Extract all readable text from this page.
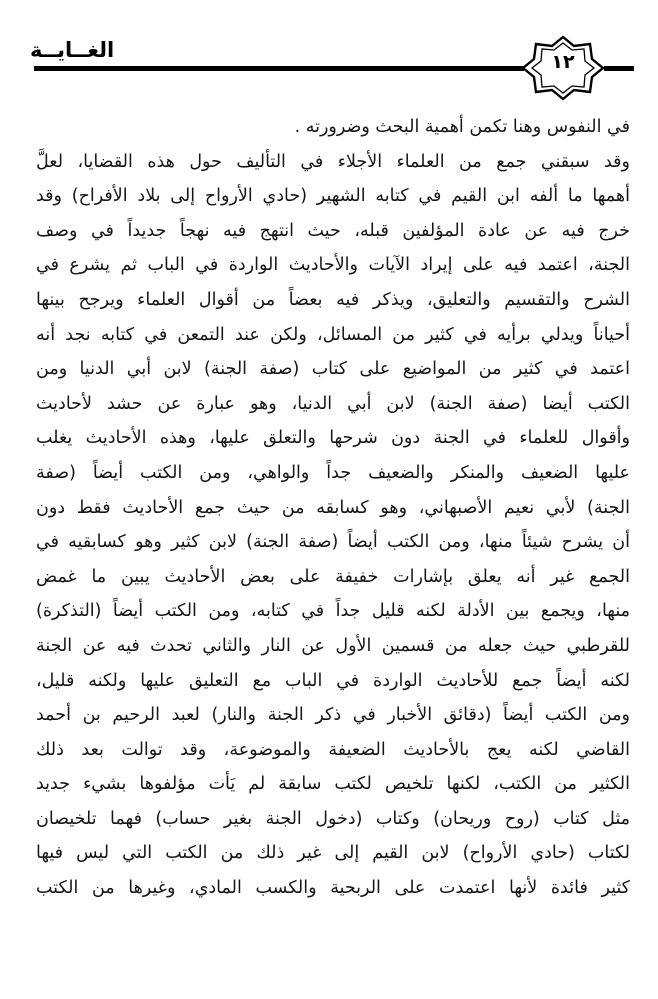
الغــايــة	١٢
في النفوس وهنا تكمن أهمية البحث وضرورته .
وقد سبقني جمع من العلماء الأجلاء في التأليف حول هذه القضايا، لعلَّ
أهمها ما ألفه ابن القيم في كتابه الشهير (حادي الأرواح إلى بلاد الأفراح) وقد
خرج فيه عن عادة المؤلفين قبله، حيث انتهج فيه نهجاً جديداً في وصف
الجنة، اعتمد فيه على إيراد الآيات والأحاديث الواردة في الباب ثم يشرع في
الشرح والتقسيم والتعليق، ويذكر فيه بعضاً من أقوال العلماء ويرجح بينها
أحياناً ويدلي برأيه في كثير من المسائل، ولكن عند التمعن في كتابه نجد أنه
اعتمد في كثير من المواضيع على كتاب (صفة الجنة) لابن أبي الدنيا ومن
الكتب أيضا (صفة الجنة) لابن أبي الدنيا، وهو عبارة عن حشد لأحاديث
وأقوال للعلماء في الجنة دون شرحها والتعلق عليها، وهذه الأحاديث يغلب
عليها الضعيف والمنكر والضعيف جداً والواهي، ومن الكتب أيضاً (صفة
الجنة) لأبي نعيم الأصبهاني، وهو كسابقه من حيث جمع الأحاديث فقط دون
أن يشرح شيئاً منها، ومن الكتب أيضاً (صفة الجنة) لابن كثير وهو كسابقيه في
الجمع غير أنه يعلق بإشارات خفيفة على بعض الأحاديث يبين ما غمض
منها، ويجمع بين الأدلة لكنه قليل جداً في كتابه، ومن الكتب أيضاً (التذكرة)
للقرطبي حيث جعله من قسمين الأول عن النار والثاني تحدث فيه عن الجنة
لكنه أيضاً جمع للأحاديث الواردة في الباب مع التعليق عليها ولكنه قليل،
ومن الكتب أيضاً (دقائق الأخبار في ذكر الجنة والنار) لعبد الرحيم بن أحمد
القاضي لكنه يعج بالأحاديث الضعيفة والموضوعة، وقد توالت بعد ذلك
الكثير من الكتب، لكنها تلخيص لكتب سابقة لم يَأت مؤلفوها بشيء جديد
مثل كتاب (روح وريحان) وكتاب (دخول الجنة بغير حساب) فهما تلخيصان
لكتاب (حادي الأرواح) لابن القيم إلى غير ذلك من الكتب التي ليس فيها
كثير فائدة لأنها اعتمدت على الربحية والكسب المادي، وغيرها من الكتب
